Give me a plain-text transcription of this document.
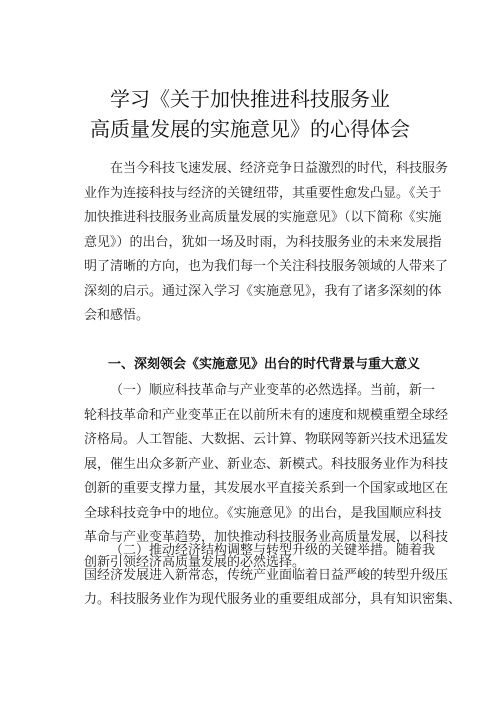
学习《关于加快推进科技服务业
高质量发展的实施意见》的心得体会
在当今科技飞速发展、经济竞争日益激烈的时代，科技服务
业作为连接科技与经济的关键纽带，其重要性愈发凸显。《关于
加快推进科技服务业高质量发展的实施意见》（以下简称《实施
意见》）的出台，犹如一场及时雨，为科技服务业的未来发展指
明了清晰的方向，也为我们每一个关注科技服务领域的人带来了
深刻的启示。通过深入学习《实施意见》，我有了诸多深刻的体
会和感悟。
（一）顺应科技革命与产业变革的必然选择。当前，新一
轮科技革命和产业变革正在以前所未有的速度和规模重塑全球经
济格局。人工智能、大数据、云计算、物联网等新兴技术迅猛发
展，催生出众多新产业、新业态、新模式。科技服务业作为科技
创新的重要支撑力量，其发展水平直接关系到一个国家或地区在
全球科技竞争中的地位。《实施意见》的出台，是我国顺应科技
革命与产业变革趋势，加快推动科技服务业高质量发展，以科技
创新引领经济高质量发展的必然选择。
（二）推动经济结构调整与转型升级的关键举措。随着我
国经济发展进入新常态，传统产业面临着日益严峻的转型升级压
力。科技服务业作为现代服务业的重要组成部分，具有知识密集、
一、深刻领会《实施意见》出台的时代背景与重大意义
